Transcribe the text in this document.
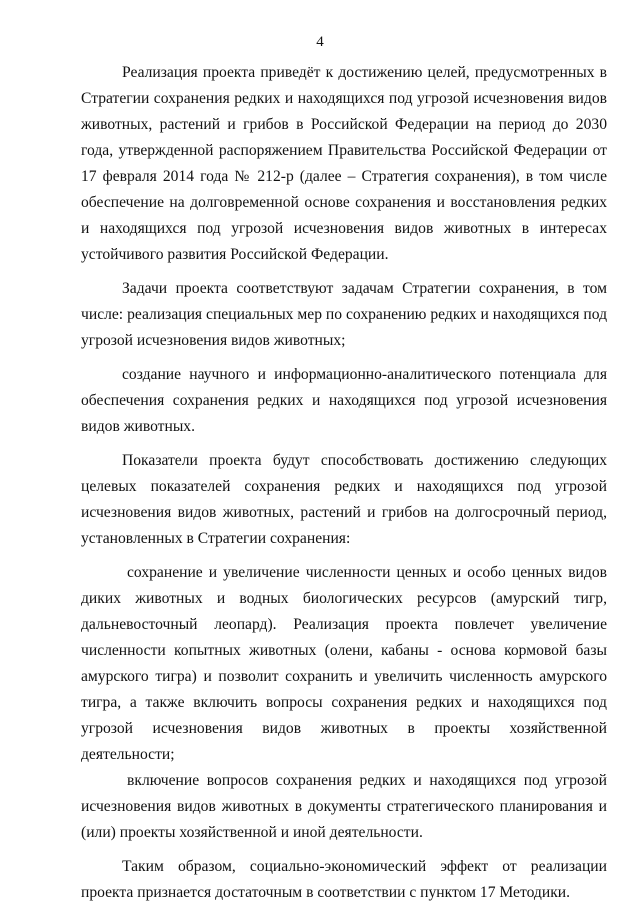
4

Реализация проекта приведёт к достижению целей, предусмотренных в Стратегии сохранения редких и находящихся под угрозой исчезновения видов животных, растений и грибов в Российской Федерации на период до 2030 года, утвержденной распоряжением Правительства Российской Федерации от 17 февраля 2014 года № 212-р (далее – Стратегия сохранения), в том числе обеспечение на долговременной основе сохранения и восстановления редких и находящихся под угрозой исчезновения видов животных в интересах устойчивого развития Российской Федерации.

Задачи проекта соответствуют задачам Стратегии сохранения, в том числе: реализация специальных мер по сохранению редких и находящихся под угрозой исчезновения видов животных;

создание научного и информационно-аналитического потенциала для обеспечения сохранения редких и находящихся под угрозой исчезновения видов животных.

Показатели проекта будут способствовать достижению следующих целевых показателей сохранения редких и находящихся под угрозой исчезновения видов животных, растений и грибов на долгосрочный период, установленных в Стратегии сохранения:

сохранение и увеличение численности ценных и особо ценных видов диких животных и водных биологических ресурсов (амурский тигр, дальневосточный леопард). Реализация проекта повлечет увеличение численности копытных животных (олени, кабаны - основа кормовой базы амурского тигра) и позволит сохранить и увеличить численность амурского тигра, а также включить вопросы сохранения редких и находящихся под угрозой исчезновения видов животных в проекты хозяйственной деятельности;

включение вопросов сохранения редких и находящихся под угрозой исчезновения видов животных в документы стратегического планирования и (или) проекты хозяйственной и иной деятельности.

Таким образом, социально-экономический эффект от реализации проекта признается достаточным в соответствии с пунктом 17 Методики.
